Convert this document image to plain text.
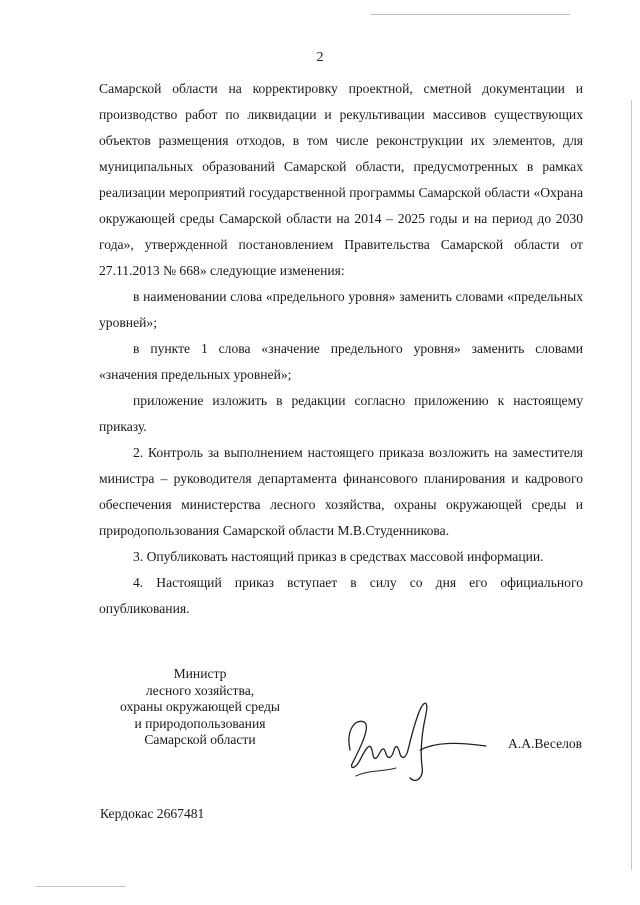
2

Самарской области на корректировку проектной, сметной документации и производство работ по ликвидации и рекультивации массивов существующих объектов размещения отходов, в том числе реконструкции их элементов, для муниципальных образований Самарской области, предусмотренных в рамках реализации мероприятий государственной программы Самарской области «Охрана окружающей среды Самарской области на 2014 – 2025 годы и на период до 2030 года», утвержденной постановлением Правительства Самарской области от 27.11.2013 № 668» следующие изменения:

в наименовании слова «предельного уровня» заменить словами «предельных уровней»;

в пункте 1 слова «значение предельного уровня» заменить словами «значения предельных уровней»;

приложение изложить в редакции согласно приложению к настоящему приказу.

2. Контроль за выполнением настоящего приказа возложить на заместителя министра – руководителя департамента финансового планирования и кадрового обеспечения министерства лесного хозяйства, охраны окружающей среды и природопользования Самарской области М.В.Студенникова.

3. Опубликовать настоящий приказ в средствах массовой информации.

4. Настоящий приказ вступает в силу со дня его официального опубликования.

Министр
лесного хозяйства,
охраны окружающей среды
и природопользования
Самарской области	А.А.Веселов
Кердокас 2667481
